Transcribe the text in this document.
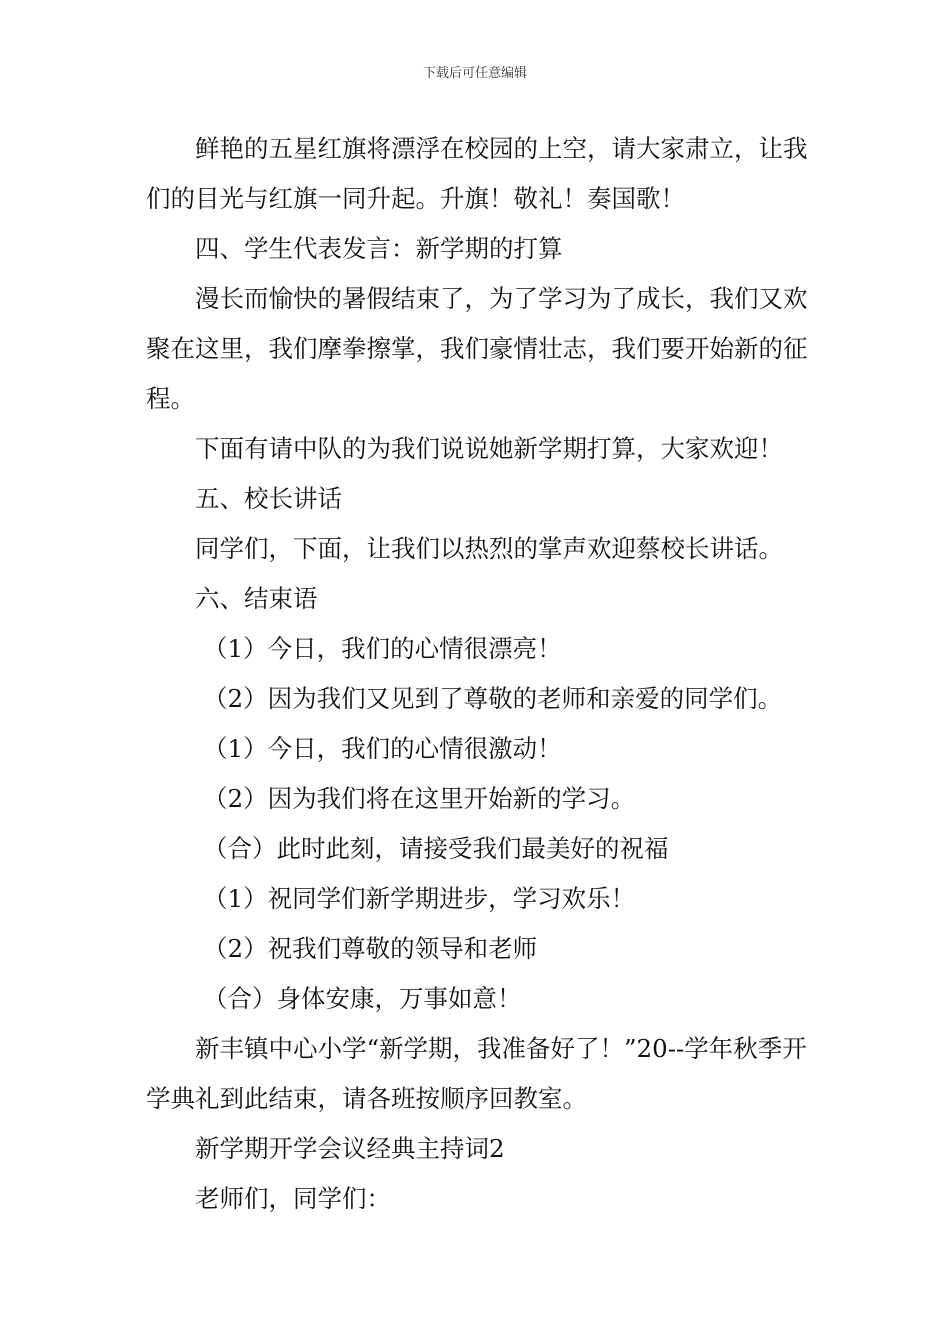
下载后可任意编辑

鲜艳的五星红旗将漂浮在校园的上空，请大家肃立，让我们的目光与红旗一同升起。升旗！敬礼！奏国歌！

四、学生代表发言：新学期的打算

漫长而愉快的暑假结束了，为了学习为了成长，我们又欢聚在这里，我们摩拳擦掌，我们豪情壮志，我们要开始新的征程。

下面有请中队的为我们说说她新学期打算，大家欢迎！

五、校长讲话

同学们，下面，让我们以热烈的掌声欢迎蔡校长讲话。

六、结束语

（1）今日，我们的心情很漂亮！

（2）因为我们又见到了尊敬的老师和亲爱的同学们。

（1）今日，我们的心情很激动！

（2）因为我们将在这里开始新的学习。

（合）此时此刻，请接受我们最美好的祝福

（1）祝同学们新学期进步，学习欢乐！

（2）祝我们尊敬的领导和老师

（合）身体安康，万事如意！

新丰镇中心小学“新学期，我准备好了！”20--学年秋季开学典礼到此结束，请各班按顺序回教室。

新学期开学会议经典主持词2

老师们，同学们：
